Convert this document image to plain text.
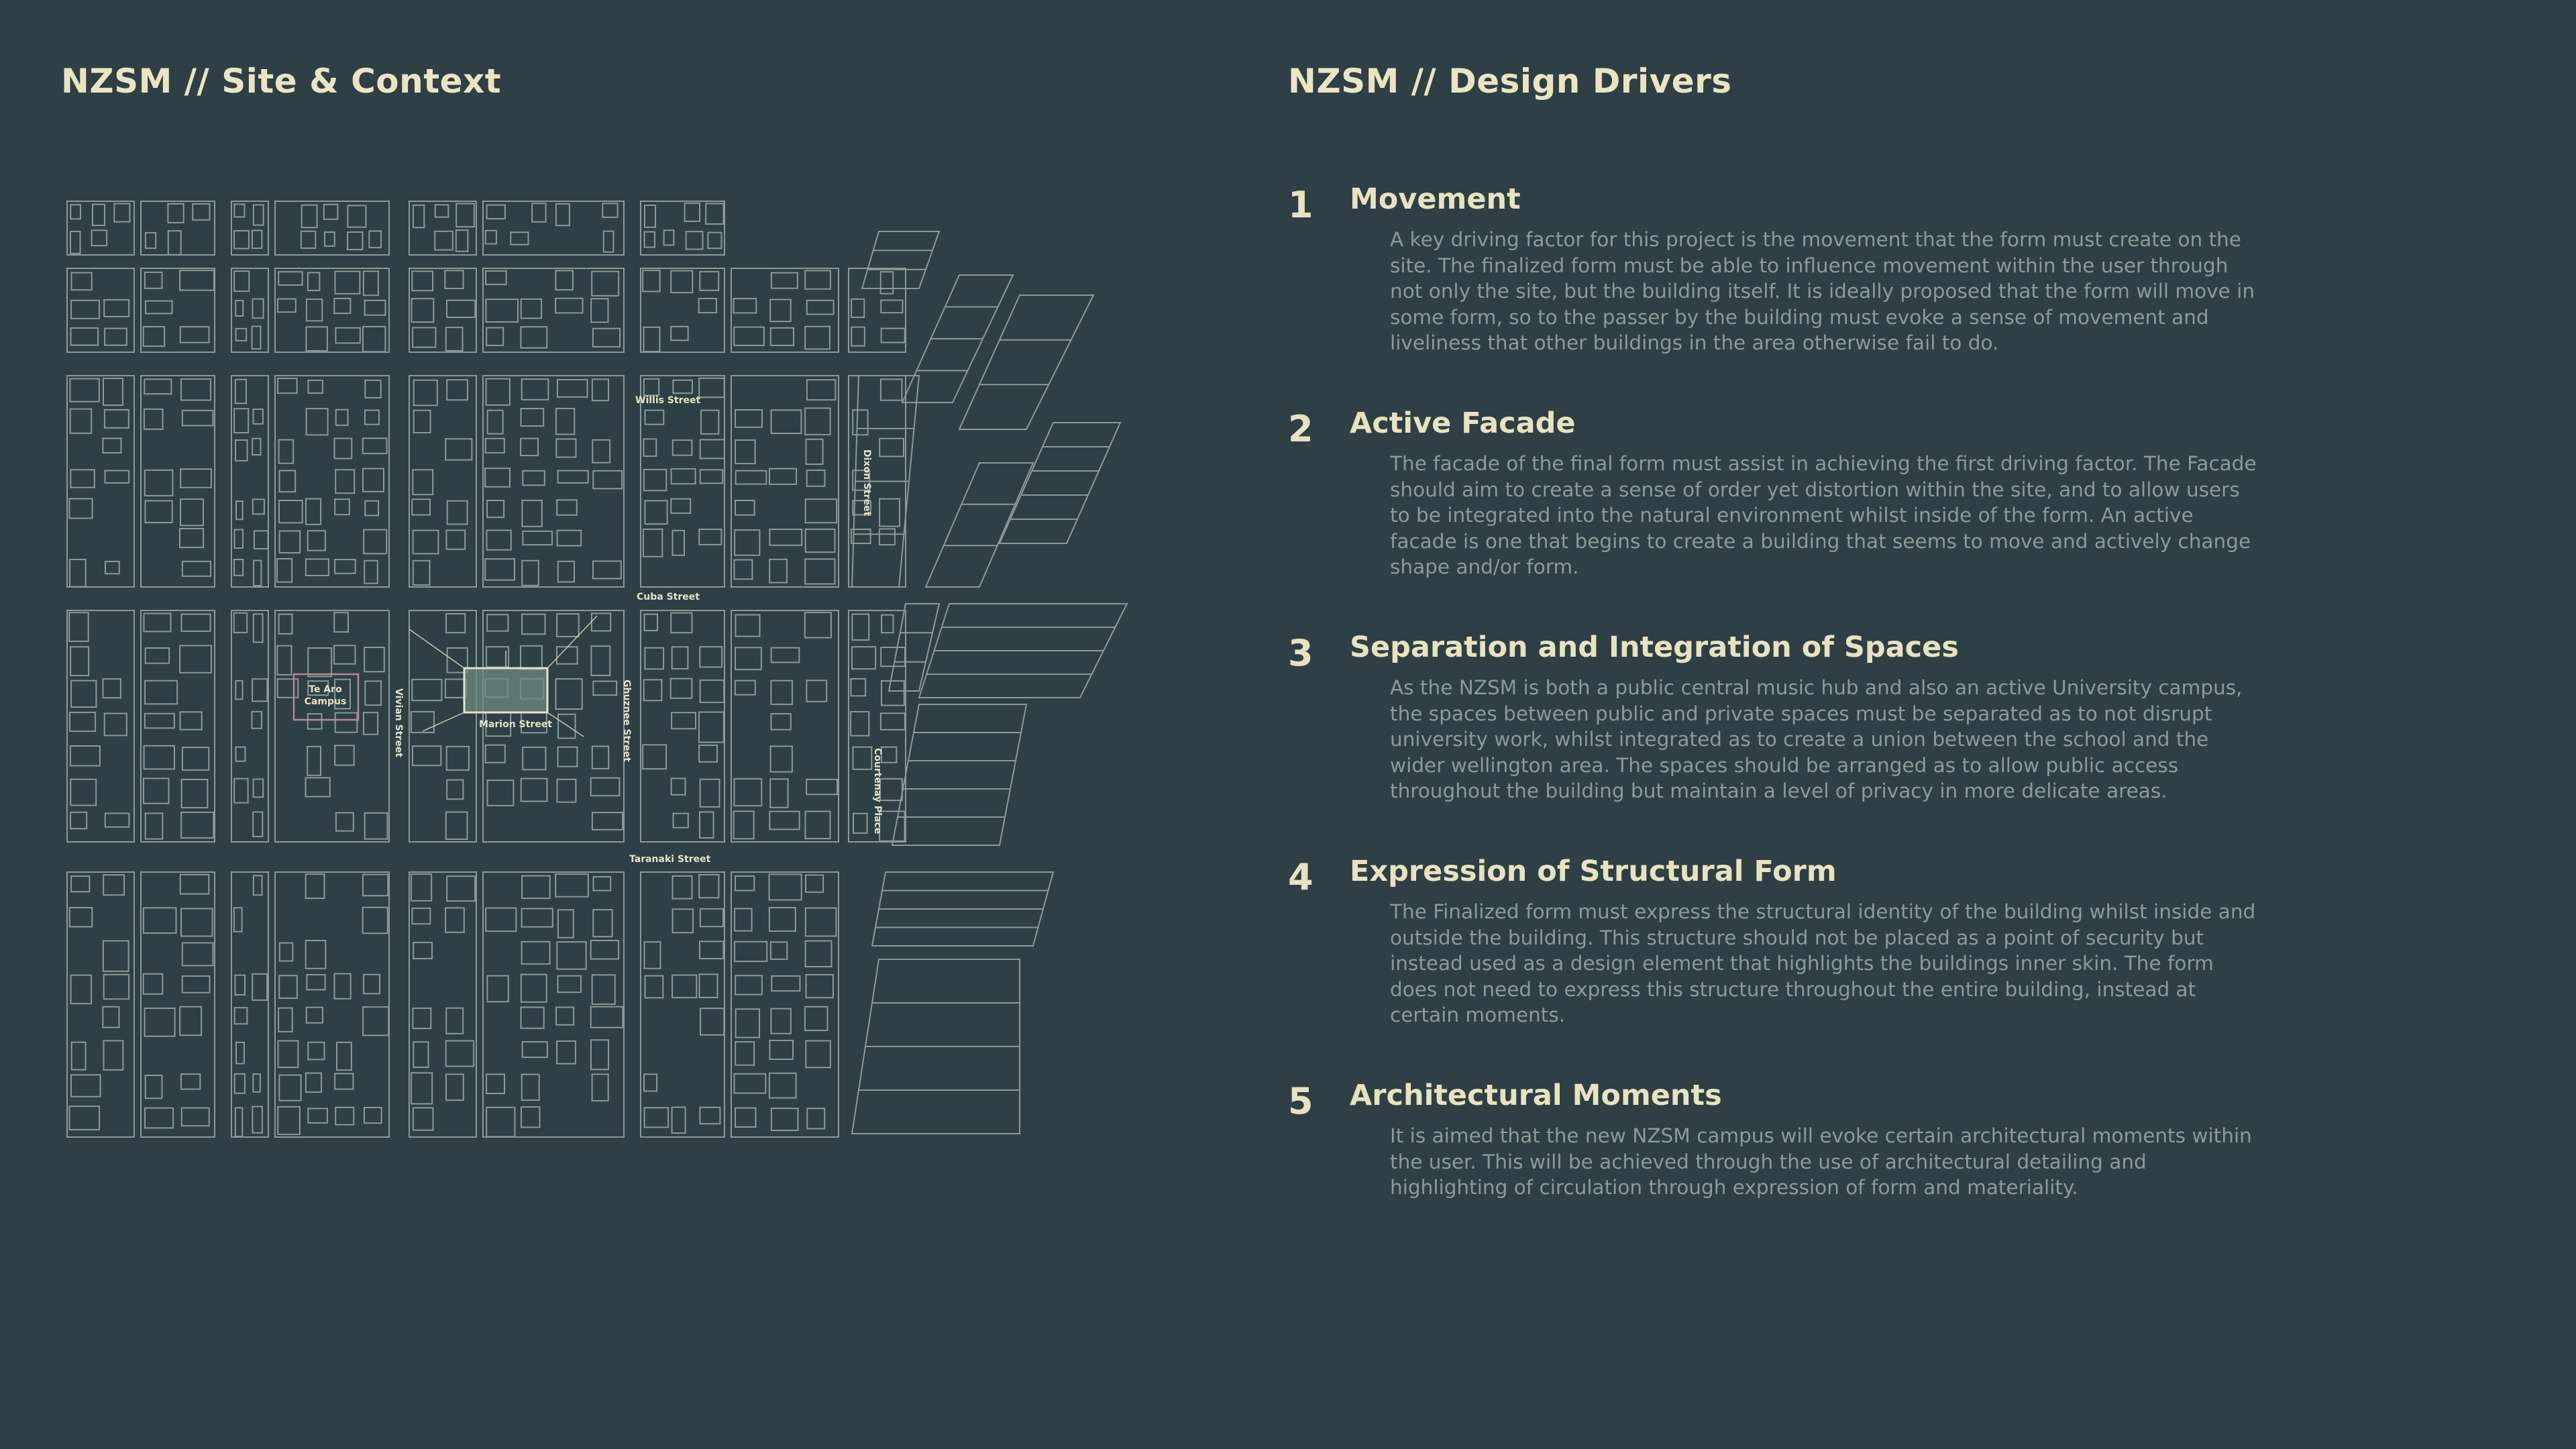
NZSM // Site & Context	NZSM // Design Drivers
Willis Street
Cuba Street
Dixon Street
Vivian Street	Marion Street	Ghuznee Street
Courtenay Place
Taranaki Street
Te Aro
Campus
1 Movement

A key driving factor for this project is the movement that the form must create on the site. The finalized form must be able to influence movement within the user through not only the site, but the building itself. It is ideally proposed that the form will move in some form, so to the passer by the building must evoke a sense of movement and liveliness that other buildings in the area otherwise fail to do.

2 Active Facade

The facade of the final form must assist in achieving the first driving factor. The Facade should aim to create a sense of order yet distortion within the site, and to allow users to be integrated into the natural environment whilst inside of the form. An active facade is one that begins to create a building that seems to move and actively change shape and/or form.

3 Separation and Integration of Spaces

As the NZSM is both a public central music hub and also an active University campus, the spaces between public and private spaces must be separated as to not disrupt university work, whilst integrated as to create a union between the school and the wider wellington area. The spaces should be arranged as to allow public access throughout the building but maintain a level of privacy in more delicate areas.

4 Expression of Structural Form

The Finalized form must express the structural identity of the building whilst inside and outside the building. This structure should not be placed as a point of security but instead used as a design element that highlights the buildings inner skin. The form does not need to express this structure throughout the entire building, instead at certain moments.

5 Architectural Moments

It is aimed that the new NZSM campus will evoke certain architectural moments within the user. This will be achieved through the use of architectural detailing and highlighting of circulation through expression of form and materiality.
